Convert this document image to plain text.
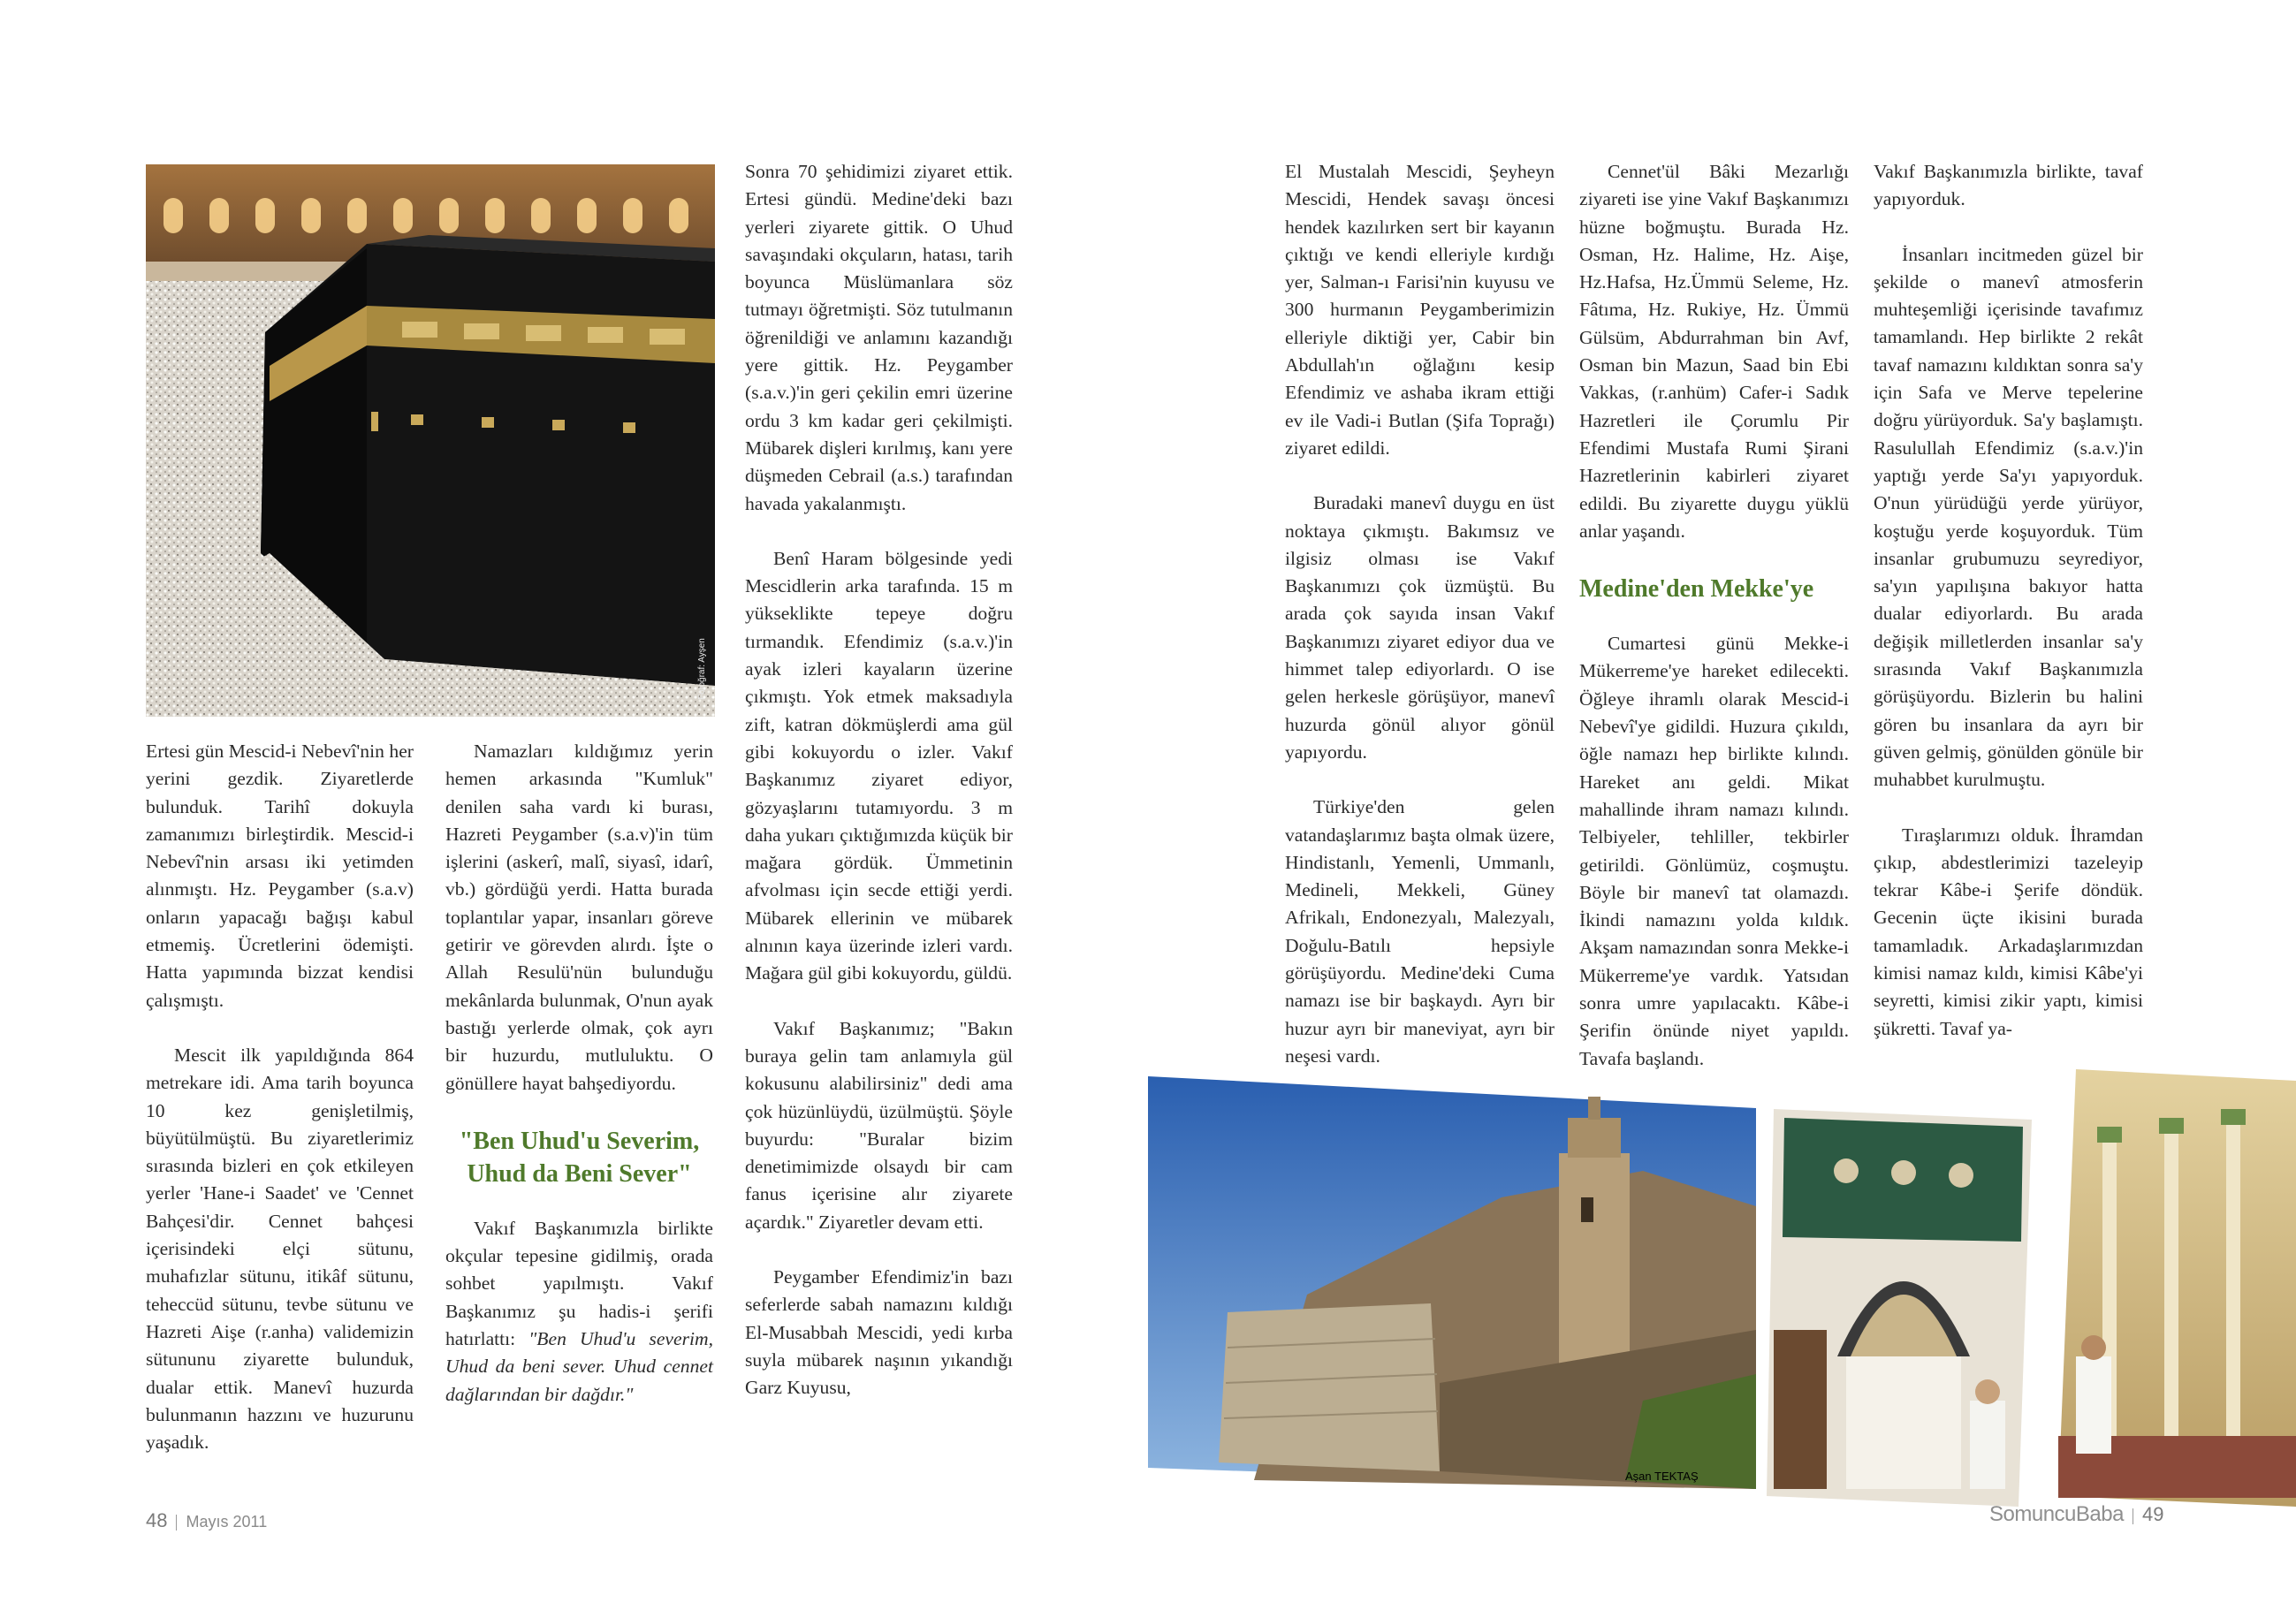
Fotoğraf: Ayşen

Ertesi gün Mescid-i Nebevî'nin her yerini gezdik. Ziyaretlerde bulunduk. Tarihî dokuyla zamanımızı birleştirdik. Mescid-i Nebevî'nin arsası iki yetimden alınmıştı. Hz. Peygamber (s.a.v) onların yapacağı bağışı kabul etmemiş. Ücretlerini ödemişti. Hatta yapımında bizzat kendisi çalışmıştı.

Mescit ilk yapıldığında 864 metrekare idi. Ama tarih boyunca 10 kez genişletilmiş, büyütülmüştü. Bu ziyaretlerimiz sırasında bizleri en çok etkileyen yerler 'Hane-i Saadet' ve 'Cennet Bahçesi'dir. Cennet bahçesi içerisindeki elçi sütunu, muhafızlar sütunu, itikâf sütunu, teheccüd sütunu, tevbe sütunu ve Hazreti Aişe (r.anha) validemizin sütununu ziyarette bulunduk, dualar ettik. Manevî huzurda bulunmanın hazzını ve huzurunu yaşadık.

Namazları kıldığımız yerin hemen arkasında "Kumluk" denilen saha vardı ki burası, Hazreti Peygamber (s.a.v)'in tüm işlerini (askerî, malî, siyasî, idarî, vb.) gördüğü yerdi. Hatta burada toplantılar yapar, insanları göreve getirir ve görevden alırdı. İşte o Allah Resulü'nün bulunduğu mekânlarda bulunmak, O'nun ayak bastığı yerlerde olmak, çok ayrı bir huzurdu, mutluluktu. O gönüllere hayat bahşediyordu.

"Ben Uhud'u Severim, Uhud da Beni Sever"

Vakıf Başkanımızla birlikte okçular tepesine gidilmiş, orada sohbet yapılmıştı. Vakıf Başkanımız şu hadis-i şerifi hatırlattı: "Ben Uhud'u severim, Uhud da beni sever. Uhud cennet dağlarından bir dağdır."

Sonra 70 şehidimizi ziyaret ettik. Ertesi gündü. Medine'deki bazı yerleri ziyarete gittik. O Uhud savaşındaki okçuların, hatası, tarih boyunca Müslümanlara söz tutmayı öğretmişti. Söz tutulmanın öğrenildiği ve anlamını kazandığı yere gittik. Hz. Peygamber (s.a.v.)'in geri çekilin emri üzerine ordu 3 km kadar geri çekilmişti. Mübarek dişleri kırılmış, kanı yere düşmeden Cebrail (a.s.) tarafından havada yakalanmıştı.

Benî Haram bölgesinde yedi Mescidlerin arka tarafında. 15 m yükseklikte tepeye doğru tırmandık. Efendimiz (s.a.v.)'in ayak izleri kayaların üzerine çıkmıştı. Yok etmek maksadıyla zift, katran dökmüşlerdi ama gül gibi kokuyordu o izler. Vakıf Başkanımız ziyaret ediyor, gözyaşlarını tutamıyordu. 3 m daha yukarı çıktığımızda küçük bir mağara gördük. Ümmetinin afvolması için secde ettiği yerdi. Mübarek ellerinin ve mübarek alnının kaya üzerinde izleri vardı. Mağara gül gibi kokuyordu, güldü.

Vakıf Başkanımız; "Bakın buraya gelin tam anlamıyla gül kokusunu alabilirsiniz" dedi ama çok hüzünlüydü, üzülmüştü. Şöyle buyurdu: "Buralar bizim denetimimizde olsaydı bir cam fanus içerisine alır ziyarete açardık." Ziyaretler devam etti.

Peygamber Efendimiz'in bazı seferlerde sabah namazını kıldığı El-Musabbah Mescidi, yedi kırba suyla mübarek naşının yıkandığı Garz Kuyusu,

48 Mayıs 2011

El Mustalah Mescidi, Şeyheyn Mescidi, Hendek savaşı öncesi hendek kazılırken sert bir kayanın çıktığı ve kendi elleriyle kırdığı yer, Salman-ı Farisi'nin kuyusu ve 300 hurmanın Peygamberimizin elleriyle diktiği yer, Cabir bin Abdullah'ın oğlağını kesip Efendimiz ve ashaba ikram ettiği ev ile Vadi-i Butlan (Şifa Toprağı) ziyaret edildi.

Buradaki manevî duygu en üst noktaya çıkmıştı. Bakımsız ve ilgisiz olması ise Vakıf Başkanımızı çok üzmüştü. Bu arada çok sayıda insan Vakıf Başkanımızı ziyaret ediyor dua ve himmet talep ediyorlardı. O ise gelen herkesle görüşüyor, manevî huzurda gönül alıyor gönül yapıyordu.

Türkiye'den gelen vatandaşlarımız başta olmak üzere, Hindistanlı, Yemenli, Ummanlı, Medineli, Mekkeli, Güney Afrikalı, Endonezyalı, Malezyalı, Doğulu-Batılı hepsiyle görüşüyordu. Medine'deki Cuma namazı ise bir başkaydı. Ayrı bir huzur ayrı bir maneviyat, ayrı bir neşesi vardı.

Cennet'ül Bâki Mezarlığı ziyareti ise yine Vakıf Başkanımızı hüzne boğmuştu. Burada Hz. Osman, Hz. Halime, Hz. Aişe, Hz.Hafsa, Hz.Ümmü Seleme, Hz. Fâtıma, Hz. Rukiye, Hz. Ümmü Gülsüm, Abdurrahman bin Avf, Osman bin Mazun, Saad bin Ebi Vakkas, (r.anhüm) Cafer-i Sadık Hazretleri ile Çorumlu Pir Efendimi Mustafa Rumi Şirani Hazretlerinin kabirleri ziyaret edildi. Bu ziyarette duygu yüklü anlar yaşandı.

Medine'den Mekke'ye

Cumartesi günü Mekke-i Mükerreme'ye hareket edilecekti. Öğleye ihramlı olarak Mescid-i Nebevî'ye gidildi. Huzura çıkıldı, öğle namazı hep birlikte kılındı. Hareket anı geldi. Mikat mahallinde ihram namazı kılındı. Telbiyeler, tehliller, tekbirler getirildi. Gönlümüz, coşmuştu. Böyle bir manevî tat olamazdı. İkindi namazını yolda kıldık. Akşam namazından sonra Mekke-i Mükerreme'ye vardık. Yatsıdan sonra umre yapılacaktı. Kâbe-i Şerifin önünde niyet yapıldı. Tavafa başlandı.

Vakıf Başkanımızla birlikte, tavaf yapıyorduk.

İnsanları incitmeden güzel bir şekilde o manevî atmosferin muhteşemliği içerisinde tavafımız tamamlandı. Hep birlikte 2 rekât tavaf namazını kıldıktan sonra sa'y için Safa ve Merve tepelerine doğru yürüyorduk. Sa'y başlamıştı. Rasulullah Efendimiz (s.a.v.)'in yaptığı yerde Sa'yı yapıyorduk. O'nun yürüdüğü yerde yürüyor, koştuğu yerde koşuyorduk. Tüm insanlar grubumuzu seyrediyor, sa'yın yapılışına bakıyor hatta dualar ediyorlardı. Bu arada değişik milletlerden insanlar sa'y sırasında Vakıf Başkanımızla görüşüyordu. Bizlerin bu halini gören bu insanlara da ayrı bir güven gelmiş, gönülden gönüle bir muhabbet kurulmuştu.

Tıraşlarımızı olduk. İhramdan çıkıp, abdestlerimizi tazeleyip tekrar Kâbe-i Şerife döndük. Gecenin üçte ikisini burada tamamladık. Arkadaşlarımızdan kimisi namaz kıldı, kimisi Kâbe'yi seyretti, kimisi zikir yaptı, kimisi şükretti. Tavaf ya-

Aşan TEKTAŞ
SomuncuBaba 49
